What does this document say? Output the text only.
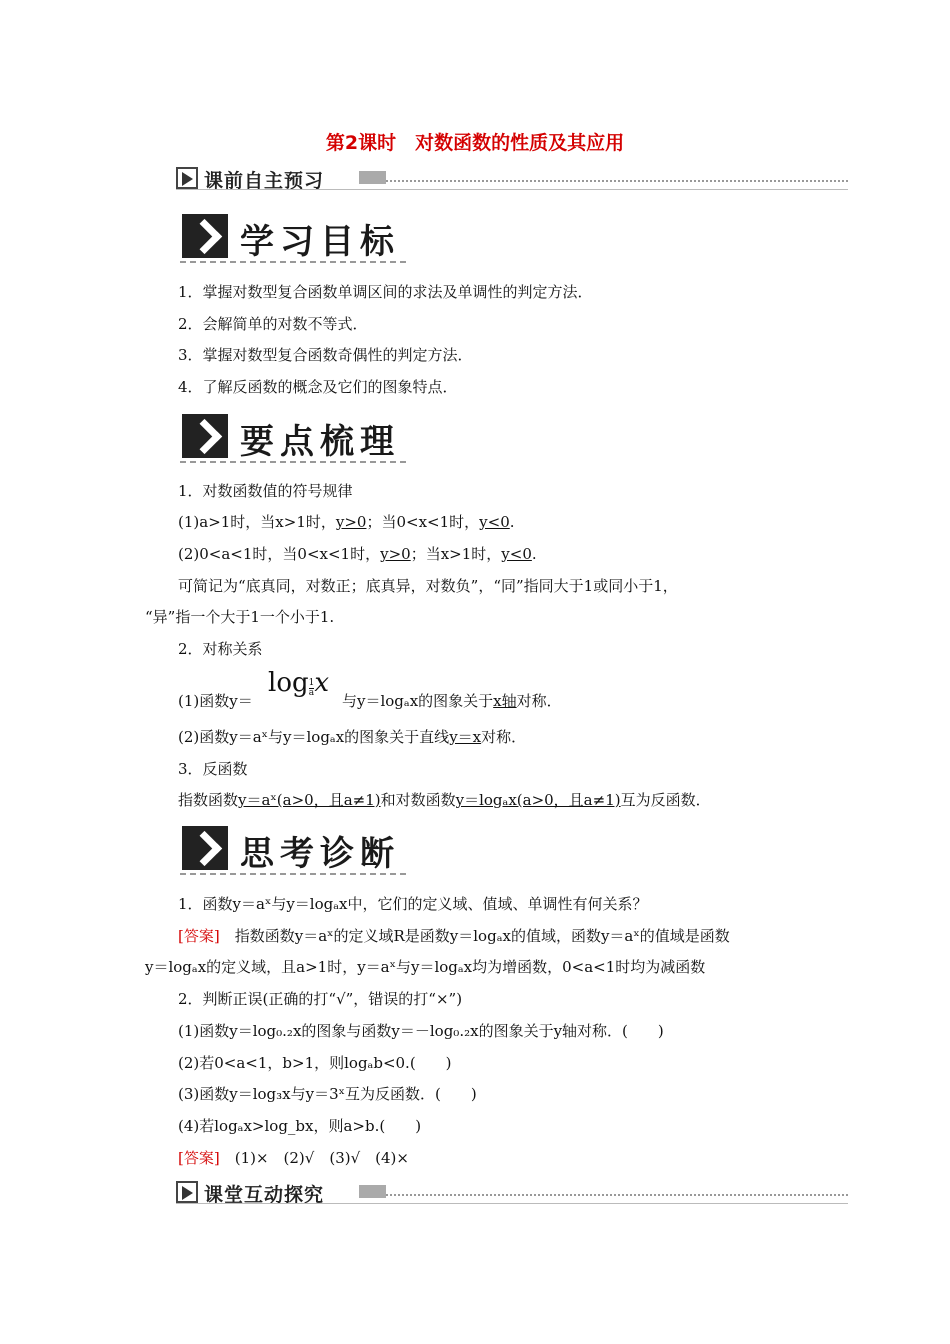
第2课时　对数函数的性质及其应用
课前自主预习
学习目标
1．掌握对数型复合函数单调区间的求法及单调性的判定方法．
2．会解简单的对数不等式．
3．掌握对数型复合函数奇偶性的判定方法．
4．了解反函数的概念及它们的图象特点．
要点梳理
1．对数函数值的符号规律
(1)a>1时，当x>1时，y>0；当0<x<1时，y<0.
(2)0<a<1时，当0<x<1时，y>0；当x>1时，y<0.
可简记为“底真同，对数正；底真异，对数负”，“同”指同大于1或同小于1，
“异”指一个大于1一个小于1.
2．对称关系
(1)函数y＝
$\log \frac{1}{a}$ x
与y＝logₐx的图象关于x轴对称．
(2)函数y＝aˣ与y＝logₐx的图象关于直线y＝x对称．
3．反函数
指数函数y＝aˣ(a>0，且a≠1)和对数函数y＝logₐx(a>0，且a≠1)互为反函数．
思考诊断
1．函数y＝aˣ与y＝logₐx中，它们的定义域、值域、单调性有何关系？
[答案]　指数函数y＝aˣ的定义域R是函数y＝logₐx的值域，函数y＝aˣ的值域是函数
y＝logₐx的定义域，且a>1时，y＝aˣ与y＝logₐx均为增函数，0<a<1时均为减函数
2．判断正误(正确的打“√”，错误的打“×”)
(1)函数y＝log₀.₂x的图象与函数y＝－log₀.₂x的图象关于y轴对称．(　　)
(2)若0<a<1，b>1，则logₐb<0.(　　)
(3)函数y＝log₃x与y＝3ˣ互为反函数．(　　)
(4)若logₐx>log_bx，则a>b.(　　)
[答案]　(1)×　(2)√　(3)√　(4)×
课堂互动探究
